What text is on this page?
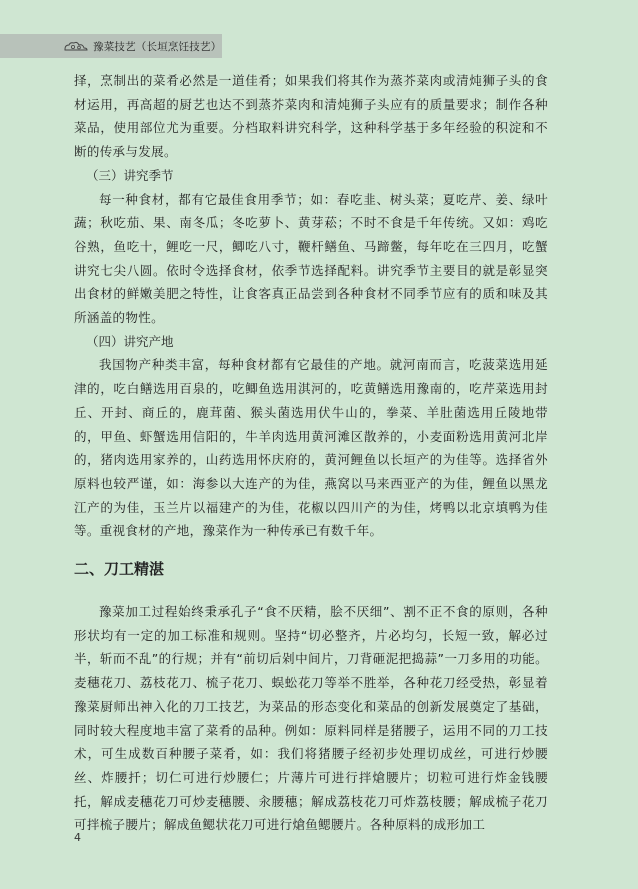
豫菜技艺（长垣烹饪技艺）

择，烹制出的菜肴必然是一道佳肴；如果我们将其作为蒸芥菜肉或清炖狮子头的食材运用，再高超的厨艺也达不到蒸芥菜肉和清炖狮子头应有的质量要求；制作各种菜品，使用部位尤为重要。分档取料讲究科学，这种科学基于多年经验的积淀和不断的传承与发展。

（三）讲究季节

每一种食材，都有它最佳食用季节；如：春吃韭、树头菜；夏吃芹、姜、绿叶蔬；秋吃茄、果、南冬瓜；冬吃萝卜、黄芽菘；不时不食是千年传统。又如：鸡吃谷熟，鱼吃十，鲤吃一尺，鲫吃八寸，鞭杆鳝鱼、马蹄鳖，每年吃在三四月，吃蟹讲究七尖八圆。依时令选择食材，依季节选择配料。讲究季节主要目的就是彰显突出食材的鲜嫩美肥之特性，让食客真正品尝到各种食材不同季节应有的质和味及其所涵盖的物性。

（四）讲究产地

我国物产种类丰富，每种食材都有它最佳的产地。就河南而言，吃菠菜选用延津的，吃白鳝选用百泉的，吃鲫鱼选用淇河的，吃黄鳝选用豫南的，吃芹菜选用封丘、开封、商丘的，鹿茸菌、猴头菌选用伏牛山的，拳菜、羊肚菌选用丘陵地带的，甲鱼、虾蟹选用信阳的，牛羊肉选用黄河滩区散养的，小麦面粉选用黄河北岸的，猪肉选用家养的，山药选用怀庆府的，黄河鲤鱼以长垣产的为佳等。选择省外原料也较严谨，如：海参以大连产的为佳，燕窝以马来西亚产的为佳，鲤鱼以黑龙江产的为佳，玉兰片以福建产的为佳，花椒以四川产的为佳，烤鸭以北京填鸭为佳等。重视食材的产地，豫菜作为一种传承已有数千年。

二、刀工精湛

豫菜加工过程始终秉承孔子“食不厌精，脍不厌细”、割不正不食的原则，各种形状均有一定的加工标准和规则。坚持“切必整齐，片必均匀，长短一致，解必过半，斩而不乱”的行规；并有“前切后剁中间片，刀背砸泥把捣蒜”一刀多用的功能。麦穗花刀、荔枝花刀、梳子花刀、蜈蚣花刀等举不胜举，各种花刀经受热，彰显着豫菜厨师出神入化的刀工技艺，为菜品的形态变化和菜品的创新发展奠定了基础，同时较大程度地丰富了菜肴的品种。例如：原料同样是猪腰子，运用不同的刀工技术，可生成数百种腰子菜肴，如：我们将猪腰子经初步处理切成丝，可进行炒腰丝、炸腰扦；切仁可进行炒腰仁；片薄片可进行拌熗腰片；切粒可进行炸金钱腰托，解成麦穗花刀可炒麦穗腰、汆腰穗；解成荔枝花刀可炸荔枝腰；解成梳子花刀可拌梳子腰片；解成鱼鳃状花刀可进行熗鱼鳃腰片。各种原料的成形加工

4
